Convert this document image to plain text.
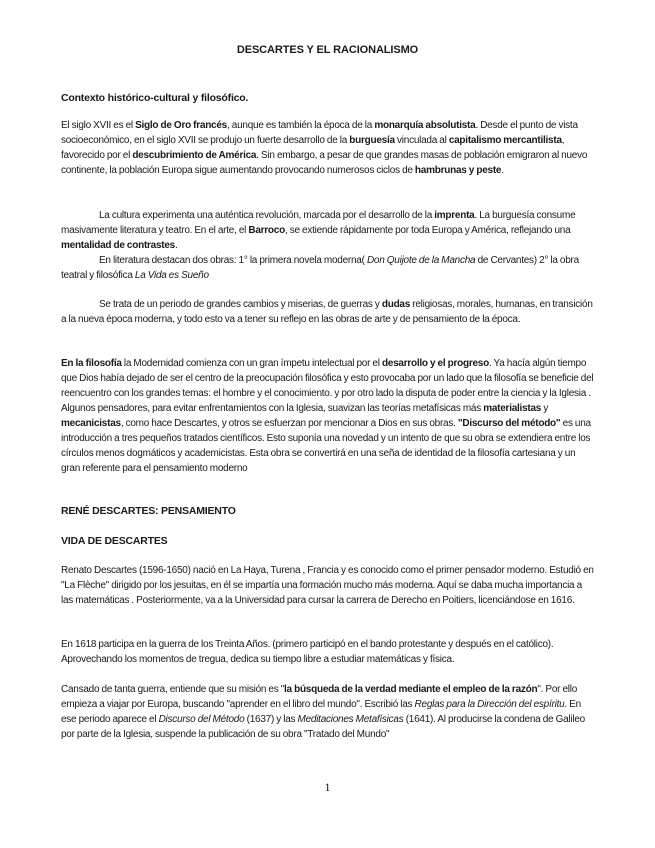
DESCARTES Y EL RACIONALISMO
Contexto histórico-cultural y filosófico.
El siglo XVII es el Siglo de Oro francés, aunque es también la época de la monarquía absolutista. Desde el punto de vista socioeconómico, en el siglo XVII se produjo un fuerte desarrollo de la burguesía vinculada al capitalismo mercantilista, favorecido por el descubrimiento de América. Sin embargo, a pesar de que grandes masas de población emigraron al nuevo continente, la población Europa sigue aumentando provocando numerosos ciclos de hambrunas y peste.
La cultura experimenta una auténtica revolución, marcada por el desarrollo de la imprenta. La burguesía consume masivamente literatura y teatro. En el arte, el Barroco, se extiende rápidamente por toda Europa y América, reflejando una mentalidad de contrastes.
En literatura destacan dos obras: 1° la primera novela moderna( Don Quijote de la Mancha de Cervantes) 2° la obra teatral y filosófica La Vida es Sueño
Se trata de un periodo de grandes cambios y miserias, de guerras y dudas religiosas, morales, humanas, en transición a la nueva época moderna, y todo esto va a tener su reflejo en las obras de arte y de pensamiento de la época.
En la filosofía la Modernidad comienza con un gran ímpetu intelectual por el desarrollo y el progreso. Ya hacía algún tiempo que Dios había dejado de ser el centro de la preocupación filosófica y esto provocaba por un lado que la filosofía se beneficie del reencuentro con los grandes temas: el hombre y el conocimiento. y por otro lado la disputa de poder entre la ciencia y la Iglesia . Algunos pensadores, para evitar enfrentamientos con la Iglesia, suavizan las teorías metafísicas más materialistas y mecanicistas, como hace Descartes, y otros se esfuerzan por mencionar a Dios en sus obras. "Discurso del método" es una introducción a tres pequeños tratados científicos. Esto suponía una novedad y un intento de que su obra se extendiera entre los círculos menos dogmáticos y academicistas. Esta obra se convertirá en una seña de identidad de la filosofía cartesiana y un gran referente para el pensamiento moderno
RENÉ DESCARTES: PENSAMIENTO
VIDA DE DESCARTES
Renato Descartes (1596-1650) nació en La Haya, Turena , Francia y es conocido como el primer pensador moderno. Estudió en "La Flèche" dirigido por los jesuitas, en él se impartía una formación mucho más moderna. Aquí se daba mucha importancia a las matemáticas . Posteriormente, va a la Universidad para cursar la carrera de Derecho en Poitiers, licenciándose en 1616.
En 1618 participa en la guerra de los Treinta Años. (primero participó en el bando protestante y después en el católico). Aprovechando los momentos de tregua, dedica su tiempo libre a estudiar matemáticas y física.
Cansado de tanta guerra, entiende que su misión es "la búsqueda de la verdad mediante el empleo de la razón". Por ello empieza a viajar por Europa, buscando "aprender en el libro del mundo". Escribió las Reglas para la Dirección del espíritu. En ese periodo aparece el Discurso del Método (1637) y las Meditaciones Metafísicas (1641). Al producirse la condena de Galileo por parte de la Iglesia, suspende la publicación de su obra "Tratado del Mundo"
1
